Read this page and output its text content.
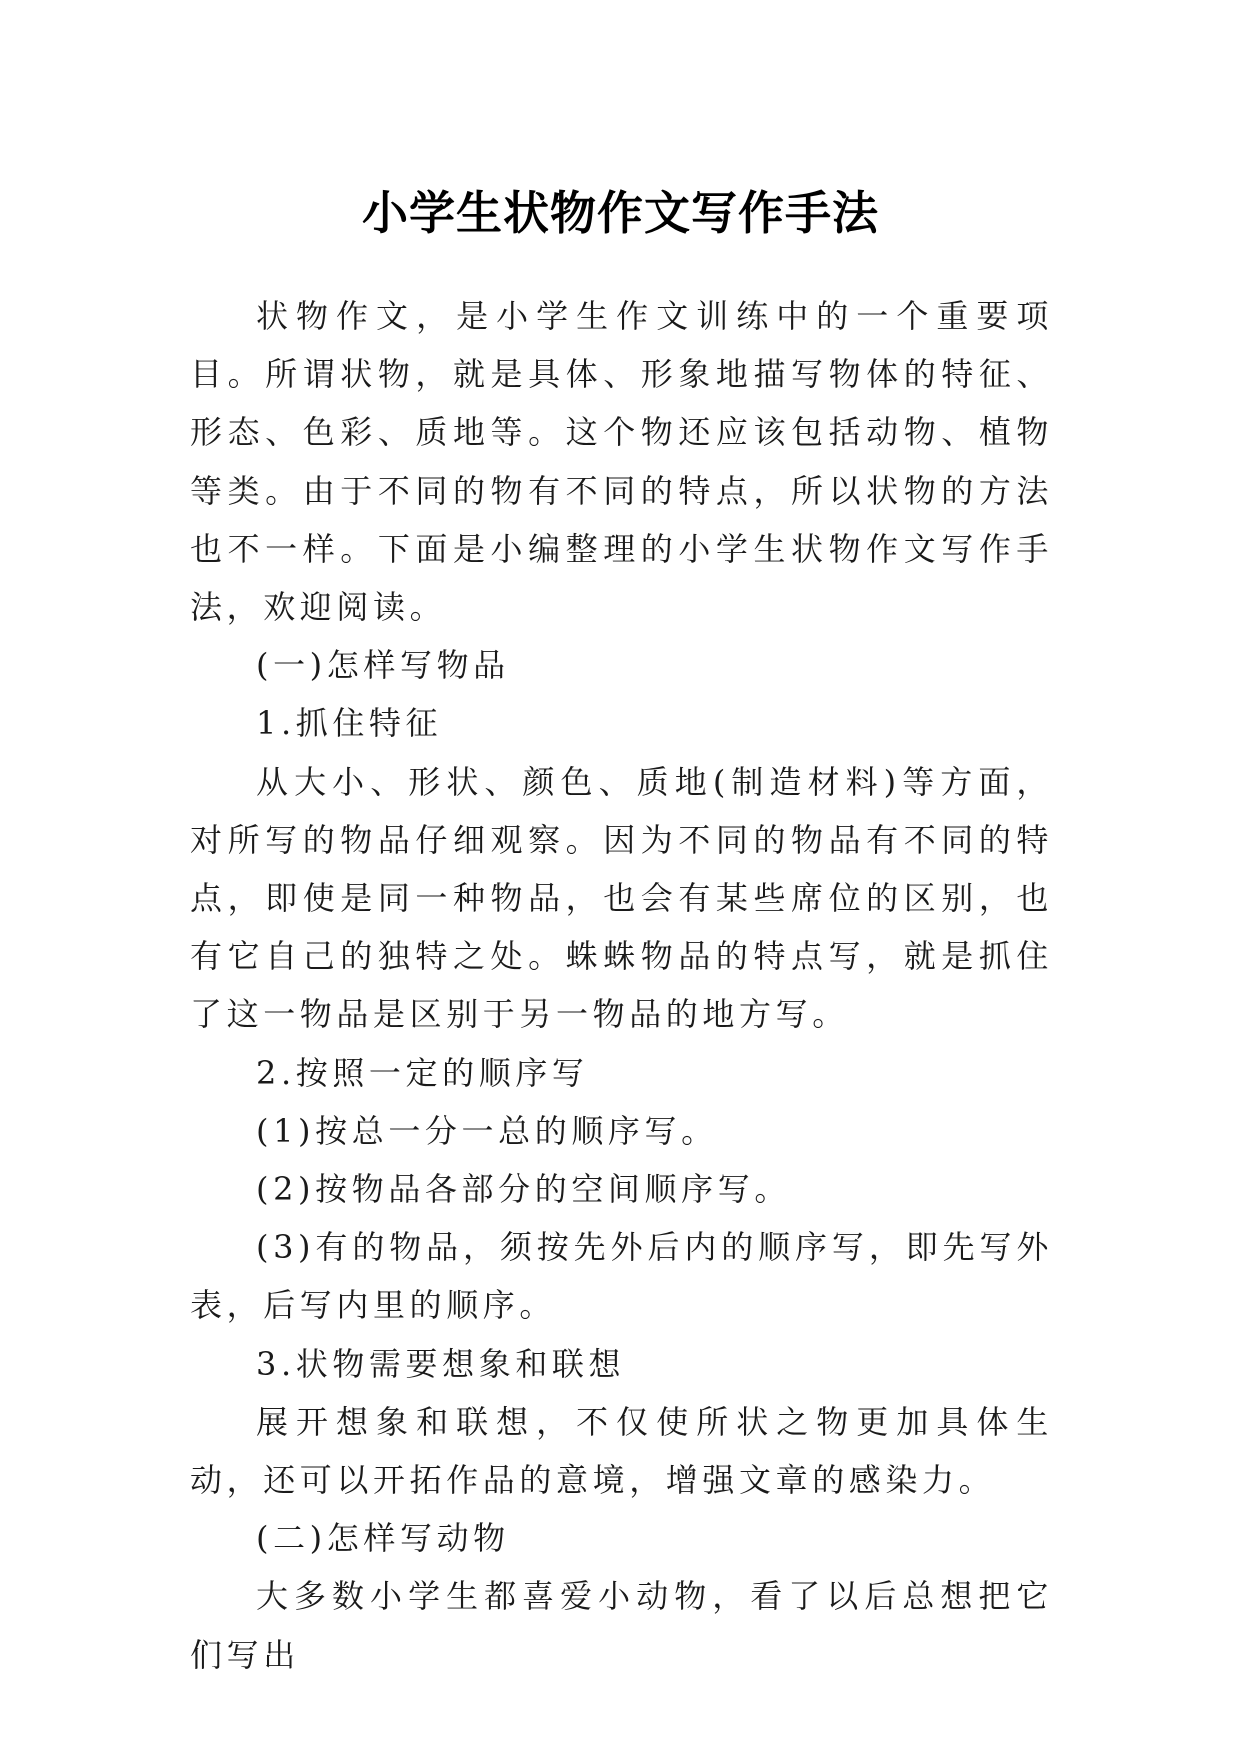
小学生状物作文写作手法

状物作文，是小学生作文训练中的一个重要项目。所谓状物，就是具体、形象地描写物体的特征、形态、色彩、质地等。这个物还应该包括动物、植物等类。由于不同的物有不同的特点，所以状物的方法也不一样。下面是小编整理的小学生状物作文写作手法，欢迎阅读。

(一)怎样写物品

1.抓住特征

从大小、形状、颜色、质地(制造材料)等方面，对所写的物品仔细观察。因为不同的物品有不同的特点，即使是同一种物品，也会有某些席位的区别，也有它自己的独特之处。蛛蛛物品的特点写，就是抓住了这一物品是区别于另一物品的地方写。

2.按照一定的顺序写

(1)按总一分一总的顺序写。

(2)按物品各部分的空间顺序写。

(3)有的物品，须按先外后内的顺序写，即先写外表，后写内里的顺序。

3.状物需要想象和联想

展开想象和联想，不仅使所状之物更加具体生动，还可以开拓作品的意境，增强文章的感染力。

(二)怎样写动物

大多数小学生都喜爱小动物，看了以后总想把它们写出
